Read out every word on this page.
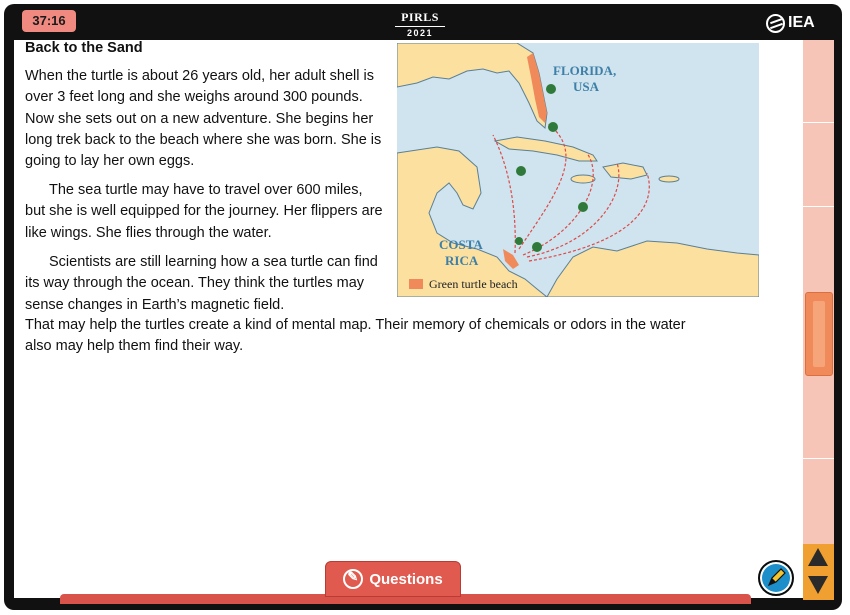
37:16	PIRLS
2021
IEA
Back to the Sand

When the turtle is about 26 years old, her adult shell is over 3 feet long and she weighs around 300 pounds. Now she sets out on a new adventure. She begins her long trek back to the beach where she was born. She is going to lay her own eggs.

The sea turtle may have to travel over 600 miles, but she is well equipped for the journey. Her flippers are like wings. She flies through the water.

Scientists are still learning how a sea turtle can find its way through the ocean. They think the turtles may sense changes in Earth’s magnetic field.

That may help the turtles create a kind of mental map. Their memory of chemicals or odors in the water also may help them find their way.

FLORIDA,
USA
COSTA
RICA
Green turtle beach
✎
Questions
